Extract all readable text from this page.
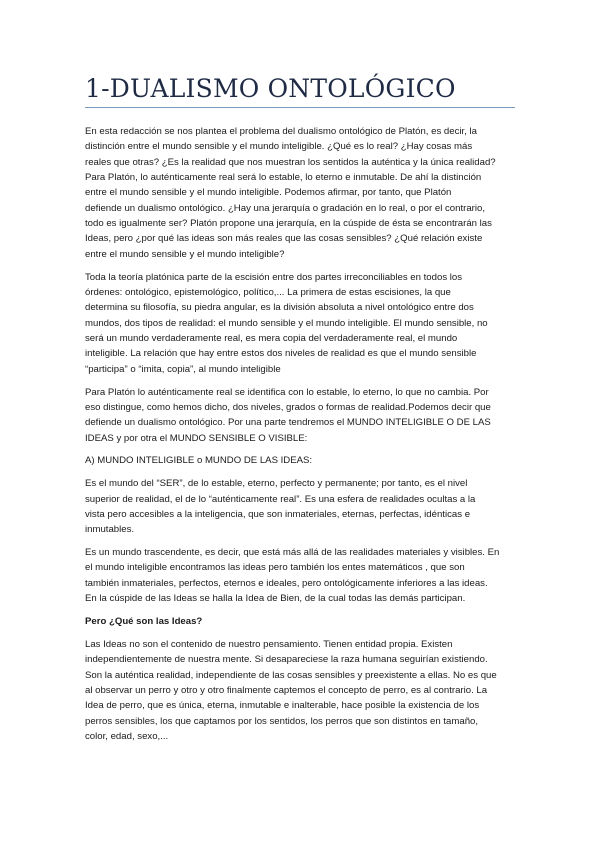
1-DUALISMO ONTOLÓGICO

En esta redacción se nos plantea el problema del dualismo ontológico de Platón, es decir, la
distinción entre el mundo sensible y el mundo inteligible. ¿Qué es lo real? ¿Hay cosas más
reales que otras? ¿Es la realidad que nos muestran los sentidos la auténtica y la única realidad?
Para Platón, lo auténticamente real será lo estable, lo eterno e inmutable. De ahí la distinción
entre el mundo sensible y el mundo inteligible. Podemos afirmar, por tanto, que Platón
defiende un dualismo ontológico. ¿Hay una jerarquía o gradación en lo real, o por el contrario,
todo es igualmente ser? Platón propone una jerarquía, en la cúspide de ésta se encontrarán las
Ideas, pero ¿por qué las ideas son más reales que las cosas sensibles? ¿Qué relación existe
entre el mundo sensible y el mundo inteligible?

Toda la teoría platónica parte de la escisión entre dos partes irreconciliables en todos los
órdenes: ontológico, epistemológico, político,... La primera de estas escisiones, la que
determina su filosofía, su piedra angular, es la división absoluta a nivel ontológico entre dos
mundos, dos tipos de realidad: el mundo sensible y el mundo inteligible. El mundo sensible, no
será un mundo verdaderamente real, es mera copia del verdaderamente real, el mundo
inteligible. La relación que hay entre estos dos niveles de realidad es que el mundo sensible
“participa” o “imita, copia”, al mundo inteligible

Para Platón lo auténticamente real se identifica con lo estable, lo eterno, lo que no cambia. Por
eso distingue, como hemos dicho, dos niveles, grados o formas de realidad.Podemos decir que
defiende un dualismo ontológico. Por una parte tendremos el MUNDO INTELIGIBLE O DE LAS
IDEAS y por otra el MUNDO SENSIBLE O VISIBLE:

A) MUNDO INTELIGIBLE o MUNDO DE LAS IDEAS:

Es el mundo del “SER”, de lo estable, eterno, perfecto y permanente; por tanto, es el nivel
superior de realidad, el de lo “auténticamente real”. Es una esfera de realidades ocultas a la
vista pero accesibles a la inteligencia, que son inmateriales, eternas, perfectas, idénticas e
inmutables.

Es un mundo trascendente, es decir, que está más allá de las realidades materiales y visibles. En
el mundo inteligible encontramos las ideas pero también los entes matemáticos , que son
también inmateriales, perfectos, eternos e ideales, pero ontológicamente inferiores a las ideas.
En la cúspide de las Ideas se halla la Idea de Bien, de la cual todas las demás participan.

Pero ¿Qué son las Ideas?

Las Ideas no son el contenido de nuestro pensamiento. Tienen entidad propia. Existen
independientemente de nuestra mente. Si desapareciese la raza humana seguirían existiendo.
Son la auténtica realidad, independiente de las cosas sensibles y preexistente a ellas. No es que
al observar un perro y otro y otro finalmente captemos el concepto de perro, es al contrario. La
Idea de perro, que es única, eterna, inmutable e inalterable, hace posible la existencia de los
perros sensibles, los que captamos por los sentidos, los perros que son distintos en tamaño,
color, edad, sexo,...
